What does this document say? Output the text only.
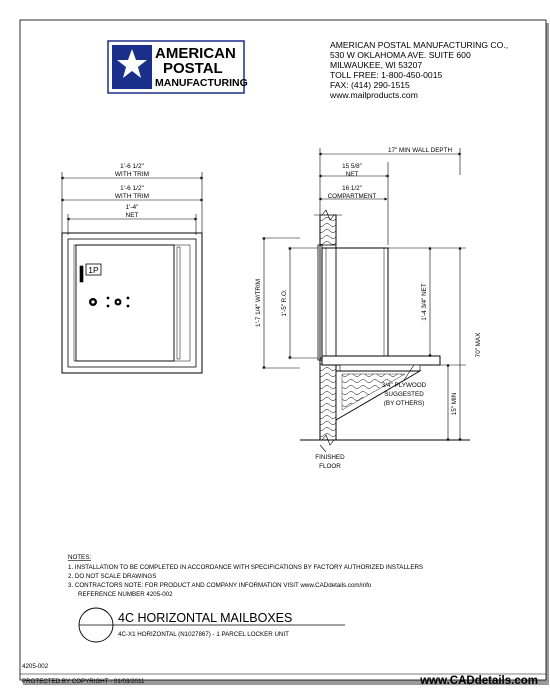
AMERICAN
POSTAL
MANUFACTURING
AMERICAN POSTAL MANUFACTURING CO.,
530 W OKLAHOMA AVE. SUITE 600
MILWAUKEE, WI 53207
TOLL FREE: 1-800-450-0015
FAX: (414) 290-1515
www.mailproducts.com
1'-6 1/2"
WITH TRIM
1'-6 1/2"
WITH TRIM
1'-4"
NET
1P
17" MIN WALL DEPTH
15 5/8"
NET
16 1/2"
COMPARTMENT
1'-7 1/4" W/TRIM	1'-5" R.O.	1'-4 3/4" NET
70" MAX
15" MIN
3/4" PLYWOOD
SUGGESTED
(BY OTHERS)
FINISHED
FLOOR
NOTES:
1. INSTALLATION TO BE COMPLETED IN ACCORDANCE WITH SPECIFICATIONS BY FACTORY AUTHORIZED INSTALLERS
2. DO NOT SCALE DRAWINGS
3. CONTRACTORS NOTE: FOR PRODUCT AND COMPANY INFORMATION VISIT www.CADdetails.com/info
REFERENCE NUMBER 4205-002
4C HORIZONTAL MAILBOXES
4C-X1 HORIZONTAL (N1027867) - 1 PARCEL LOCKER UNIT
4205-002
PROTECTED BY COPYRIGHT - 01/03/2011	www.CADdetails.com
